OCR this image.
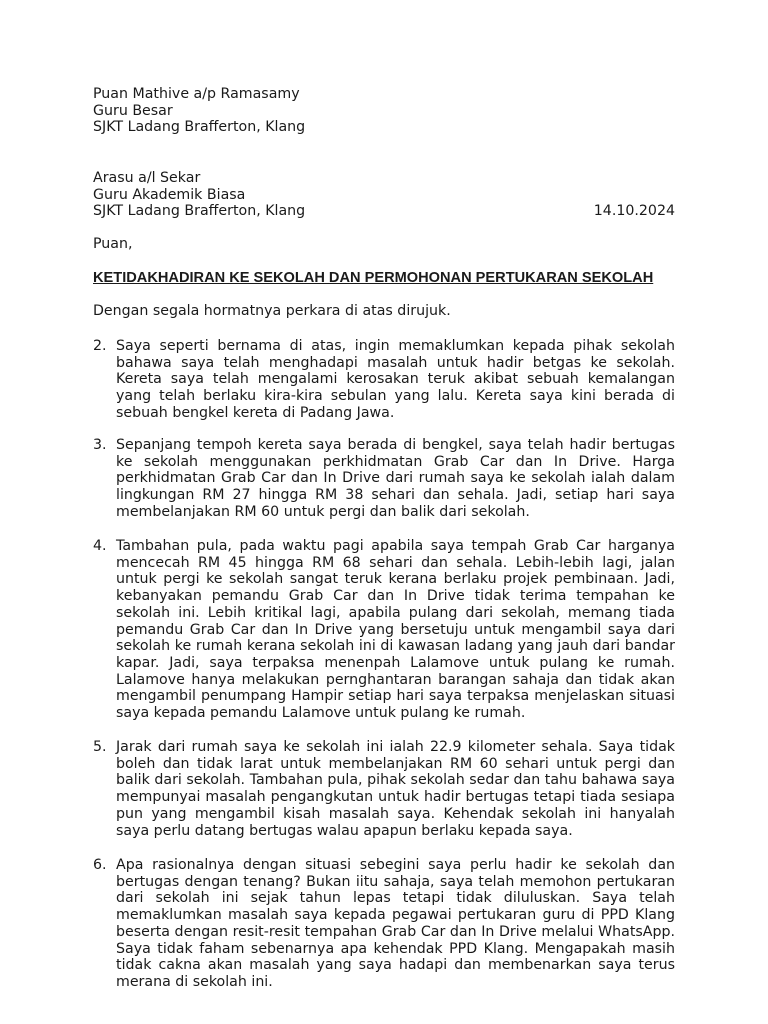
Puan Mathive a/p Ramasamy
Guru Besar
SJKT Ladang Brafferton, Klang
Arasu a/l Sekar
Guru Akademik Biasa
SJKT Ladang Brafferton, Klang	14.10.2024
Puan,
KETIDAKHADIRAN KE SEKOLAH DAN PERMOHONAN PERTUKARAN SEKOLAH
Dengan segala hormatnya perkara di atas dirujuk.
2. Saya seperti bernama di atas, ingin memaklumkan kepada pihak sekolah bahawa saya telah menghadapi masalah untuk hadir betgas ke sekolah. Kereta saya telah mengalami kerosakan teruk akibat sebuah kemalangan yang telah berlaku kira-kira sebulan yang lalu. Kereta saya kini berada di sebuah bengkel kereta di Padang Jawa.
3. Sepanjang tempoh kereta saya berada di bengkel, saya telah hadir bertugas ke sekolah menggunakan perkhidmatan Grab Car dan In Drive. Harga perkhidmatan Grab Car dan In Drive dari rumah saya ke sekolah ialah dalam lingkungan RM 27 hingga RM 38 sehari dan sehala. Jadi, setiap hari saya membelanjakan RM 60 untuk pergi dan balik dari sekolah.
4. Tambahan pula, pada waktu pagi apabila saya tempah Grab Car harganya mencecah RM 45 hingga RM 68 sehari dan sehala. Lebih-lebih lagi, jalan untuk pergi ke sekolah sangat teruk kerana berlaku projek pembinaan. Jadi, kebanyakan pemandu Grab Car dan In Drive tidak terima tempahan ke sekolah ini. Lebih kritikal lagi, apabila pulang dari sekolah, memang tiada pemandu Grab Car dan In Drive yang bersetuju untuk mengambil saya dari sekolah ke rumah kerana sekolah ini di kawasan ladang yang jauh dari bandar kapar. Jadi, saya terpaksa menenpah Lalamove untuk pulang ke rumah. Lalamove hanya melakukan pernghantaran barangan sahaja dan tidak akan mengambil penumpang Hampir setiap hari saya terpaksa menjelaskan situasi saya kepada pemandu Lalamove untuk pulang ke rumah.
5. Jarak dari rumah saya ke sekolah ini ialah 22.9 kilometer sehala. Saya tidak boleh dan tidak larat untuk membelanjakan RM 60 sehari untuk pergi dan balik dari sekolah. Tambahan pula, pihak sekolah sedar dan tahu bahawa saya mempunyai masalah pengangkutan untuk hadir bertugas tetapi tiada sesiapa pun yang mengambil kisah masalah saya. Kehendak sekolah ini hanyalah saya perlu datang bertugas walau apapun berlaku kepada saya.
6. Apa rasionalnya dengan situasi sebegini saya perlu hadir ke sekolah dan bertugas dengan tenang? Bukan iitu sahaja, saya telah memohon pertukaran dari sekolah ini sejak tahun lepas tetapi tidak diluluskan. Saya telah memaklumkan masalah saya kepada pegawai pertukaran guru di PPD Klang beserta dengan resit-resit tempahan Grab Car dan In Drive melalui WhatsApp. Saya tidak faham sebenarnya apa kehendak PPD Klang. Mengapakah masih tidak cakna akan masalah yang saya hadapi dan membenarkan saya terus merana di sekolah ini.
